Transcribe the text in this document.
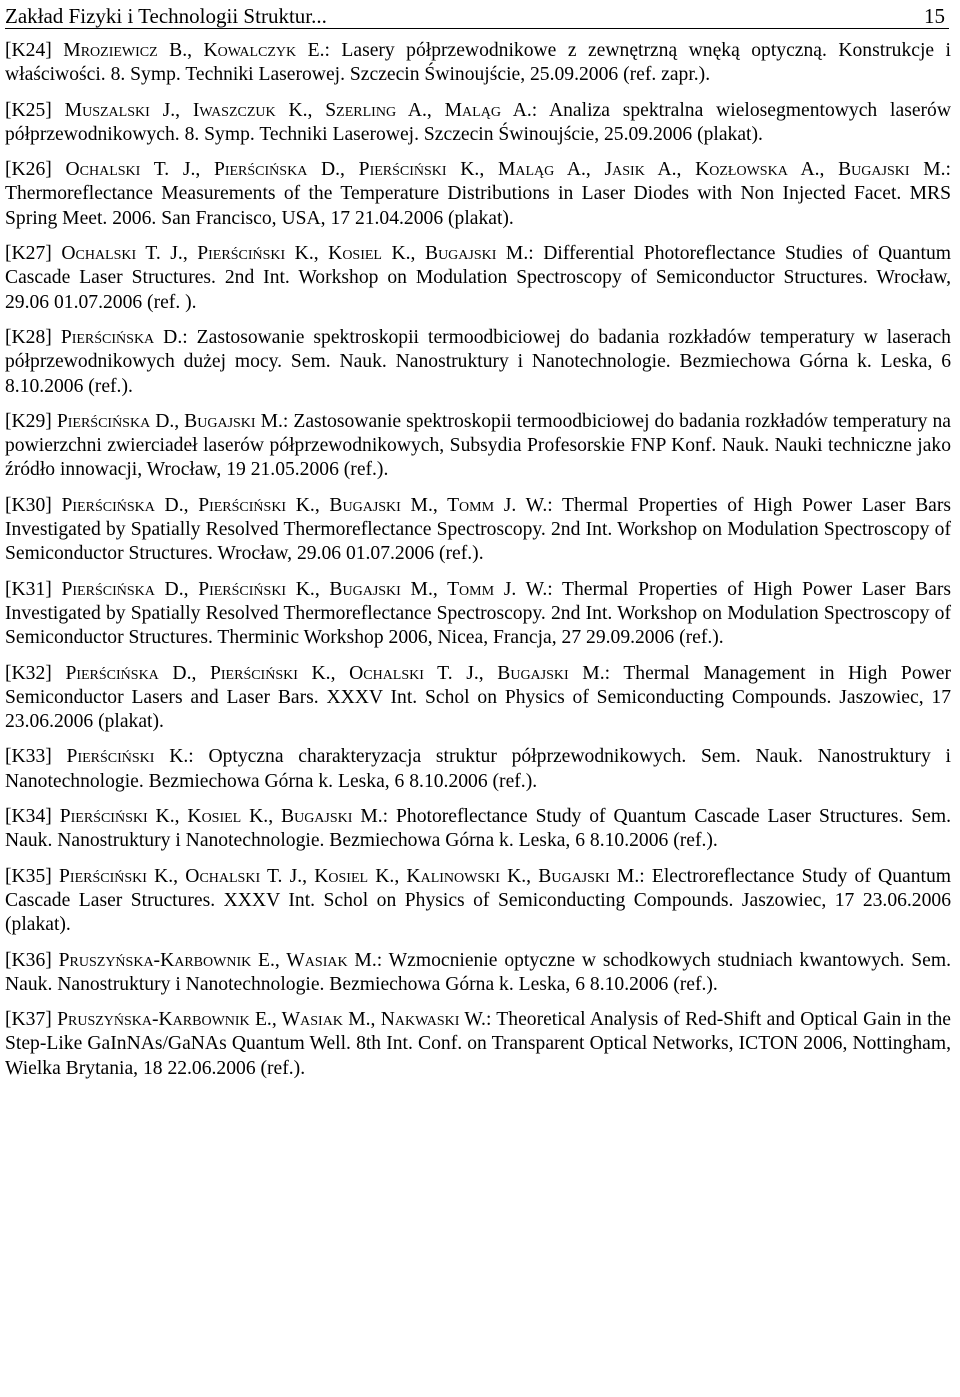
Zakład Fizyki i Technologii Struktur...	15

[K24] Mroziewicz B., Kowalczyk E.: Lasery półprzewodnikowe z zewnętrzną wnęką optyczną. Konstrukcje i właściwości. 8. Symp. Techniki Laserowej. Szczecin Świnoujście, 25.09.2006 (ref. zapr.).

[K25] Muszalski J., Iwaszczuk K., Szerling A., Maląg A.: Analiza spektralna wielosegmentowych laserów półprzewodnikowych. 8. Symp. Techniki Laserowej. Szczecin Świnoujście, 25.09.2006 (plakat).

[K26] Ochalski T. J., Pierścińska D., Pierściński K., Maląg A., Jasik A., Kozłowska A., Bugajski M.: Thermoreflectance Measurements of the Temperature Distributions in Laser Diodes with Non Injected Facet. MRS Spring Meet. 2006. San Francisco, USA, 17 21.04.2006 (plakat).

[K27] Ochalski T. J., Pierściński K., Kosiel K., Bugajski M.: Differential Photoreflectance Studies of Quantum Cascade Laser Structures. 2nd Int. Workshop on Modulation Spectroscopy of Semiconductor Structures. Wrocław, 29.06 01.07.2006 (ref. ).

[K28] Pierścińska D.: Zastosowanie spektroskopii termoodbiciowej do badania rozkładów temperatury w laserach półprzewodnikowych dużej mocy. Sem. Nauk. Nanostruktury i Nanotechnologie. Bezmiechowa Górna k. Leska, 6 8.10.2006 (ref.).

[K29] Pierścińska D., Bugajski M.: Zastosowanie spektroskopii termoodbiciowej do badania rozkładów temperatury na powierzchni zwierciadeł laserów półprzewodnikowych, Subsydia Profesorskie FNP Konf. Nauk. Nauki techniczne jako źródło innowacji, Wrocław, 19 21.05.2006 (ref.).

[K30] Pierścińska D., Pierściński K., Bugajski M., Tomm J. W.: Thermal Properties of High Power Laser Bars Investigated by Spatially Resolved Thermoreflectance Spectroscopy. 2nd Int. Workshop on Modulation Spectroscopy of Semiconductor Structures. Wrocław, 29.06 01.07.2006 (ref.).

[K31] Pierścińska D., Pierściński K., Bugajski M., Tomm J. W.: Thermal Properties of High Power Laser Bars Investigated by Spatially Resolved Thermoreflectance Spectroscopy. 2nd Int. Workshop on Modulation Spectroscopy of Semiconductor Structures. Therminic Workshop 2006, Nicea, Francja, 27 29.09.2006 (ref.).

[K32] Pierścińska D., Pierściński K., Ochalski T. J., Bugajski M.: Thermal Management in High Power Semiconductor Lasers and Laser Bars. XXXV Int. Schol on Physics of Semiconducting Compounds. Jaszowiec, 17 23.06.2006 (plakat).

[K33] Pierściński K.: Optyczna charakteryzacja struktur półprzewodnikowych. Sem. Nauk. Nanostruktury i Nanotechnologie. Bezmiechowa Górna k. Leska, 6 8.10.2006 (ref.).

[K34] Pierściński K., Kosiel K., Bugajski M.: Photoreflectance Study of Quantum Cascade Laser Structures. Sem. Nauk. Nanostruktury i Nanotechnologie. Bezmiechowa Górna k. Leska, 6 8.10.2006 (ref.).

[K35] Pierściński K., Ochalski T. J., Kosiel K., Kalinowski K., Bugajski M.: Electroreflectance Study of Quantum Cascade Laser Structures. XXXV Int. Schol on Physics of Semiconducting Compounds. Jaszowiec, 17 23.06.2006 (plakat).

[K36] Pruszyńska-Karbownik E., Wasiak M.: Wzmocnienie optyczne w schodkowych studniach kwantowych. Sem. Nauk. Nanostruktury i Nanotechnologie. Bezmiechowa Górna k. Leska, 6 8.10.2006 (ref.).

[K37] Pruszyńska-Karbownik E., Wasiak M., Nakwaski W.: Theoretical Analysis of Red-Shift and Optical Gain in the Step-Like GaInNAs/GaNAs Quantum Well. 8th Int. Conf. on Transparent Optical Networks, ICTON 2006, Nottingham, Wielka Brytania, 18 22.06.2006 (ref.).
